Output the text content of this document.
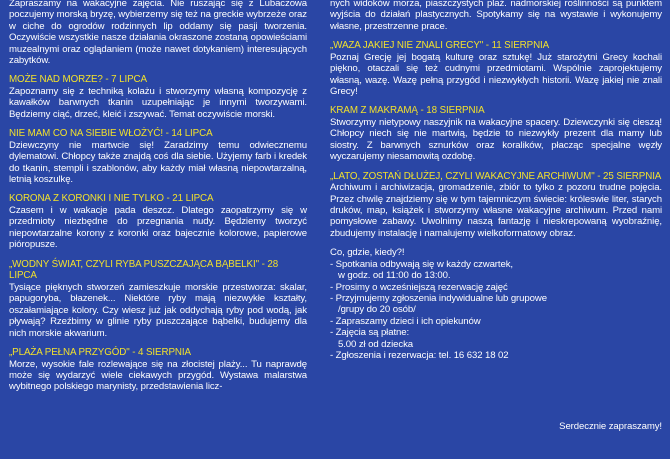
Zapraszamy na wakacyjne zajęcia. Nie ruszając się z Lubaczowa poczujemy morską bryzę, wybierzemy się też na greckie wybrzeże oraz w ciche do ogrodów rodzinnych lip oddamy się pasji tworzenia. Oczywiście wszystkie nasze działania okraszone zostaną opowieściami muzealnymi oraz oglądaniem (może nawet dotykaniem) interesujących zabytków.

MOŻE NAD MORZE? - 7 LIPCA

Zapoznamy się z techniką kolażu i stworzymy własną kompozycję z kawałków barwnych tkanin uzupełniając je innymi tworzywami. Będziemy ciąć, drzeć, kleić i zszywać. Temat oczywiście morski.

NIE MAM CO NA SIEBIE WŁOŻYĆ! - 14 LIPCA

Dziewczyny nie martwcie się! Zaradzimy temu odwiecznemu dylematowi. Chłopcy także znajdą coś dla siebie. Użyjemy farb i kredek do tkanin, stempli i szablonów, aby każdy miał własną niepowtarzalną, letnią koszulkę.

KORONA Z KORONKI I NIE TYLKO - 21 LIPCA

Czasem i w wakacje pada deszcz. Dlatego zaopatrzymy się w przedmioty niezbędne do przegnania nudy. Będziemy tworzyć niepowtarzalne korony z koronki oraz bajecznie kolorowe, papierowe pióropusze.

„WODNY ŚWIAT, CZYLI RYBA PUSZCZAJĄCA BĄBELKI" - 28 LIPCA

Tysiące pięknych stworzeń zamieszkuje morskie przestworza: skalar, papugoryba, błazenek... Niektóre ryby mają niezwykłe kształty, oszałamiające kolory. Czy wiesz już jak oddychają ryby pod wodą, jak pływają? Rzeźbimy w glinie ryby puszczające bąbelki, budujemy dla nich morskie akwarium.

„PLAŻA PEŁNA PRZYGÓD" - 4 SIERPNIA

Morze, wysokie fale rozlewające się na złocistej plaży... Tu naprawdę może się wydarzyć wiele ciekawych przygód. Wystawa malarstwa wybitnego polskiego marynisty, przedstawienia licz-

nych widoków morza, piaszczystych plaż. nadmorskiej roślinności są punktem wyjścia do działań plastycznych. Spotykamy się na wystawie i wykonujemy własne, przestrzenne prace.

„WAZA JAKIEJ NIE ZNALI GRECY" - 11 SIERPNIA

Poznaj Grecję jej bogatą kulturę oraz sztukę! Już starożytni Grecy kochali piękno, otaczali się też cudnymi przedmiotami. Wspólnie zaprojektujemy własną, wazę. Wazę pełną przygód i niezwykłych historii. Wazę jakiej nie znali Grecy!

KRAM Z MAKRAMĄ - 18 SIERPNIA

Stworzymy nietypowy naszyjnik na wakacyjne spacery. Dziewczynki się cieszą! Chłopcy niech się nie martwią, będzie to niezwykły prezent dla mamy lub siostry. Z barwnych sznurków oraz koralików, płacząc specjalne węzły wyczarujemy niesamowitą ozdobę.

„LATO, ZOSTAŃ DŁUŻEJ, CZYLI WAKACYJNE ARCHIWUM" - 25 SIERPNIA

Archiwum i archiwizacja, gromadzenie, zbiór to tylko z pozoru trudne pojęcia. Przez chwilę znajdziemy się w tym tajemniczym świecie: króleswie liter, starych druków, map, książek i stworzymy własne wakacyjne archiwum. Przed nami pomysłowe zabawy. Uwolnimy naszą fantazję i nieskrepowaną wyobraźnię, zbudujemy instalację i namalujemy wielkoformatowy obraz.

Co, gdzie, kiedy?!
- Spotkania odbywają się w każdy czwartek,
w godz. od 11:00 do 13:00.
- Prosimy o wcześniejszą rezerwację zajęć
- Przyjmujemy zgłoszenia indywidualne lub grupowe
/grupy do 20 osób/
- Zapraszamy dzieci i ich opiekunów
- Zajęcia są płatne:
5.00 zł od dziecka
- Zgłoszenia i rezerwacja: tel. 16 632 18 02
Serdecznie zapraszamy!
